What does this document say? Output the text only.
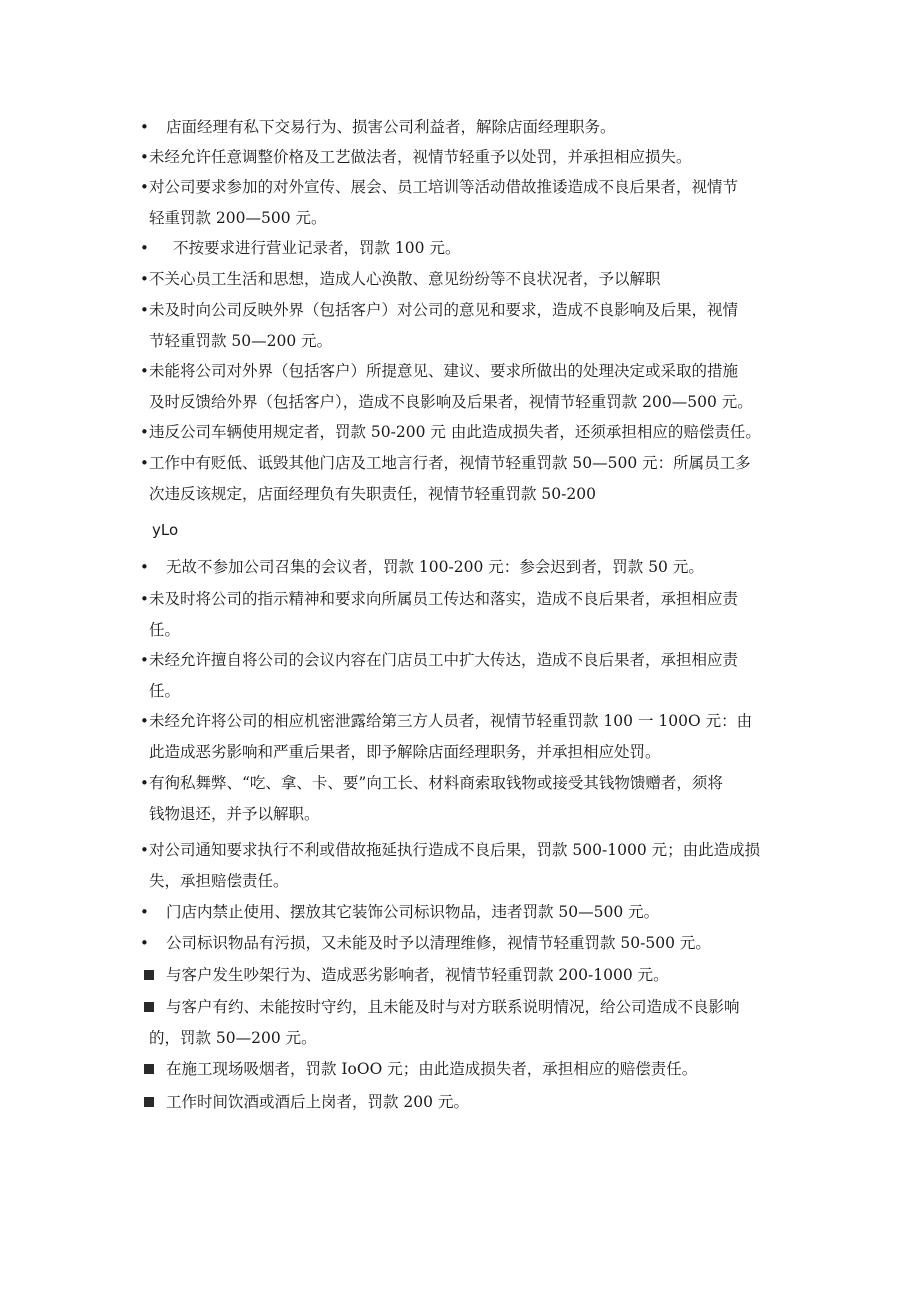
•
店面经理有私下交易行为、损害公司利益者，解除店面经理职务。
•
未经允许任意调整价格及工艺做法者，视情节轻重予以处罚，并承担相应损失。
•
对公司要求参加的对外宣传、展会、员工培训等活动借故推诿造成不良后果者，视情节
轻重罚款 200—500 元。
•
不按要求进行营业记录者，罚款 100 元。
•
不关心员工生活和思想，造成人心涣散、意见纷纷等不良状况者，予以解职
•
未及时向公司反映外界（包括客户）对公司的意见和要求，造成不良影响及后果，视情
节轻重罚款 50—200 元。
•
未能将公司对外界（包括客户）所提意见、建议、要求所做出的处理决定或采取的措施
及时反馈给外界（包括客户），造成不良影响及后果者，视情节轻重罚款 200—500 元。
•
违反公司车辆使用规定者，罚款 50-200 元 由此造成损失者，还须承担相应的赔偿责任。
•
工作中有贬低、诋毁其他门店及工地言行者，视情节轻重罚款 50—500 元：所属员工多
次违反该规定，店面经理负有失职责任，视情节轻重罚款 50-200
yLo
•
无故不参加公司召集的会议者，罚款 100-200 元：参会迟到者，罚款 50 元。
•
未及时将公司的指示精神和要求向所属员工传达和落实，造成不良后果者，承担相应责
任。
•
未经允许擅自将公司的会议内容在门店员工中扩大传达，造成不良后果者，承担相应责
任。
•
未经允许将公司的相应机密泄露给第三方人员者，视情节轻重罚款 100 一 100O 元：由
此造成恶劣影响和严重后果者，即予解除店面经理职务，并承担相应处罚。
•
有徇私舞弊、“吃、拿、卡、要”向工长、材料商索取钱物或接受其钱物馈赠者，须将
钱物退还，并予以解职。
•
对公司通知要求执行不利或借故拖延执行造成不良后果，罚款 500-1000 元；由此造成损
失，承担赔偿责任。
•
门店内禁止使用、摆放其它装饰公司标识物品，违者罚款 50—500 元。
•
公司标识物品有污损，又未能及时予以清理维修，视情节轻重罚款 50-500 元。
与客户发生吵架行为、造成恶劣影响者，视情节轻重罚款 200-1000 元。
与客户有约、未能按时守约，且未能及时与对方联系说明情况，给公司造成不良影响
的，罚款 50—200 元。
在施工现场吸烟者，罚款 IoOO 元；由此造成损失者，承担相应的赔偿责任。
工作时间饮酒或酒后上岗者，罚款 200 元。
